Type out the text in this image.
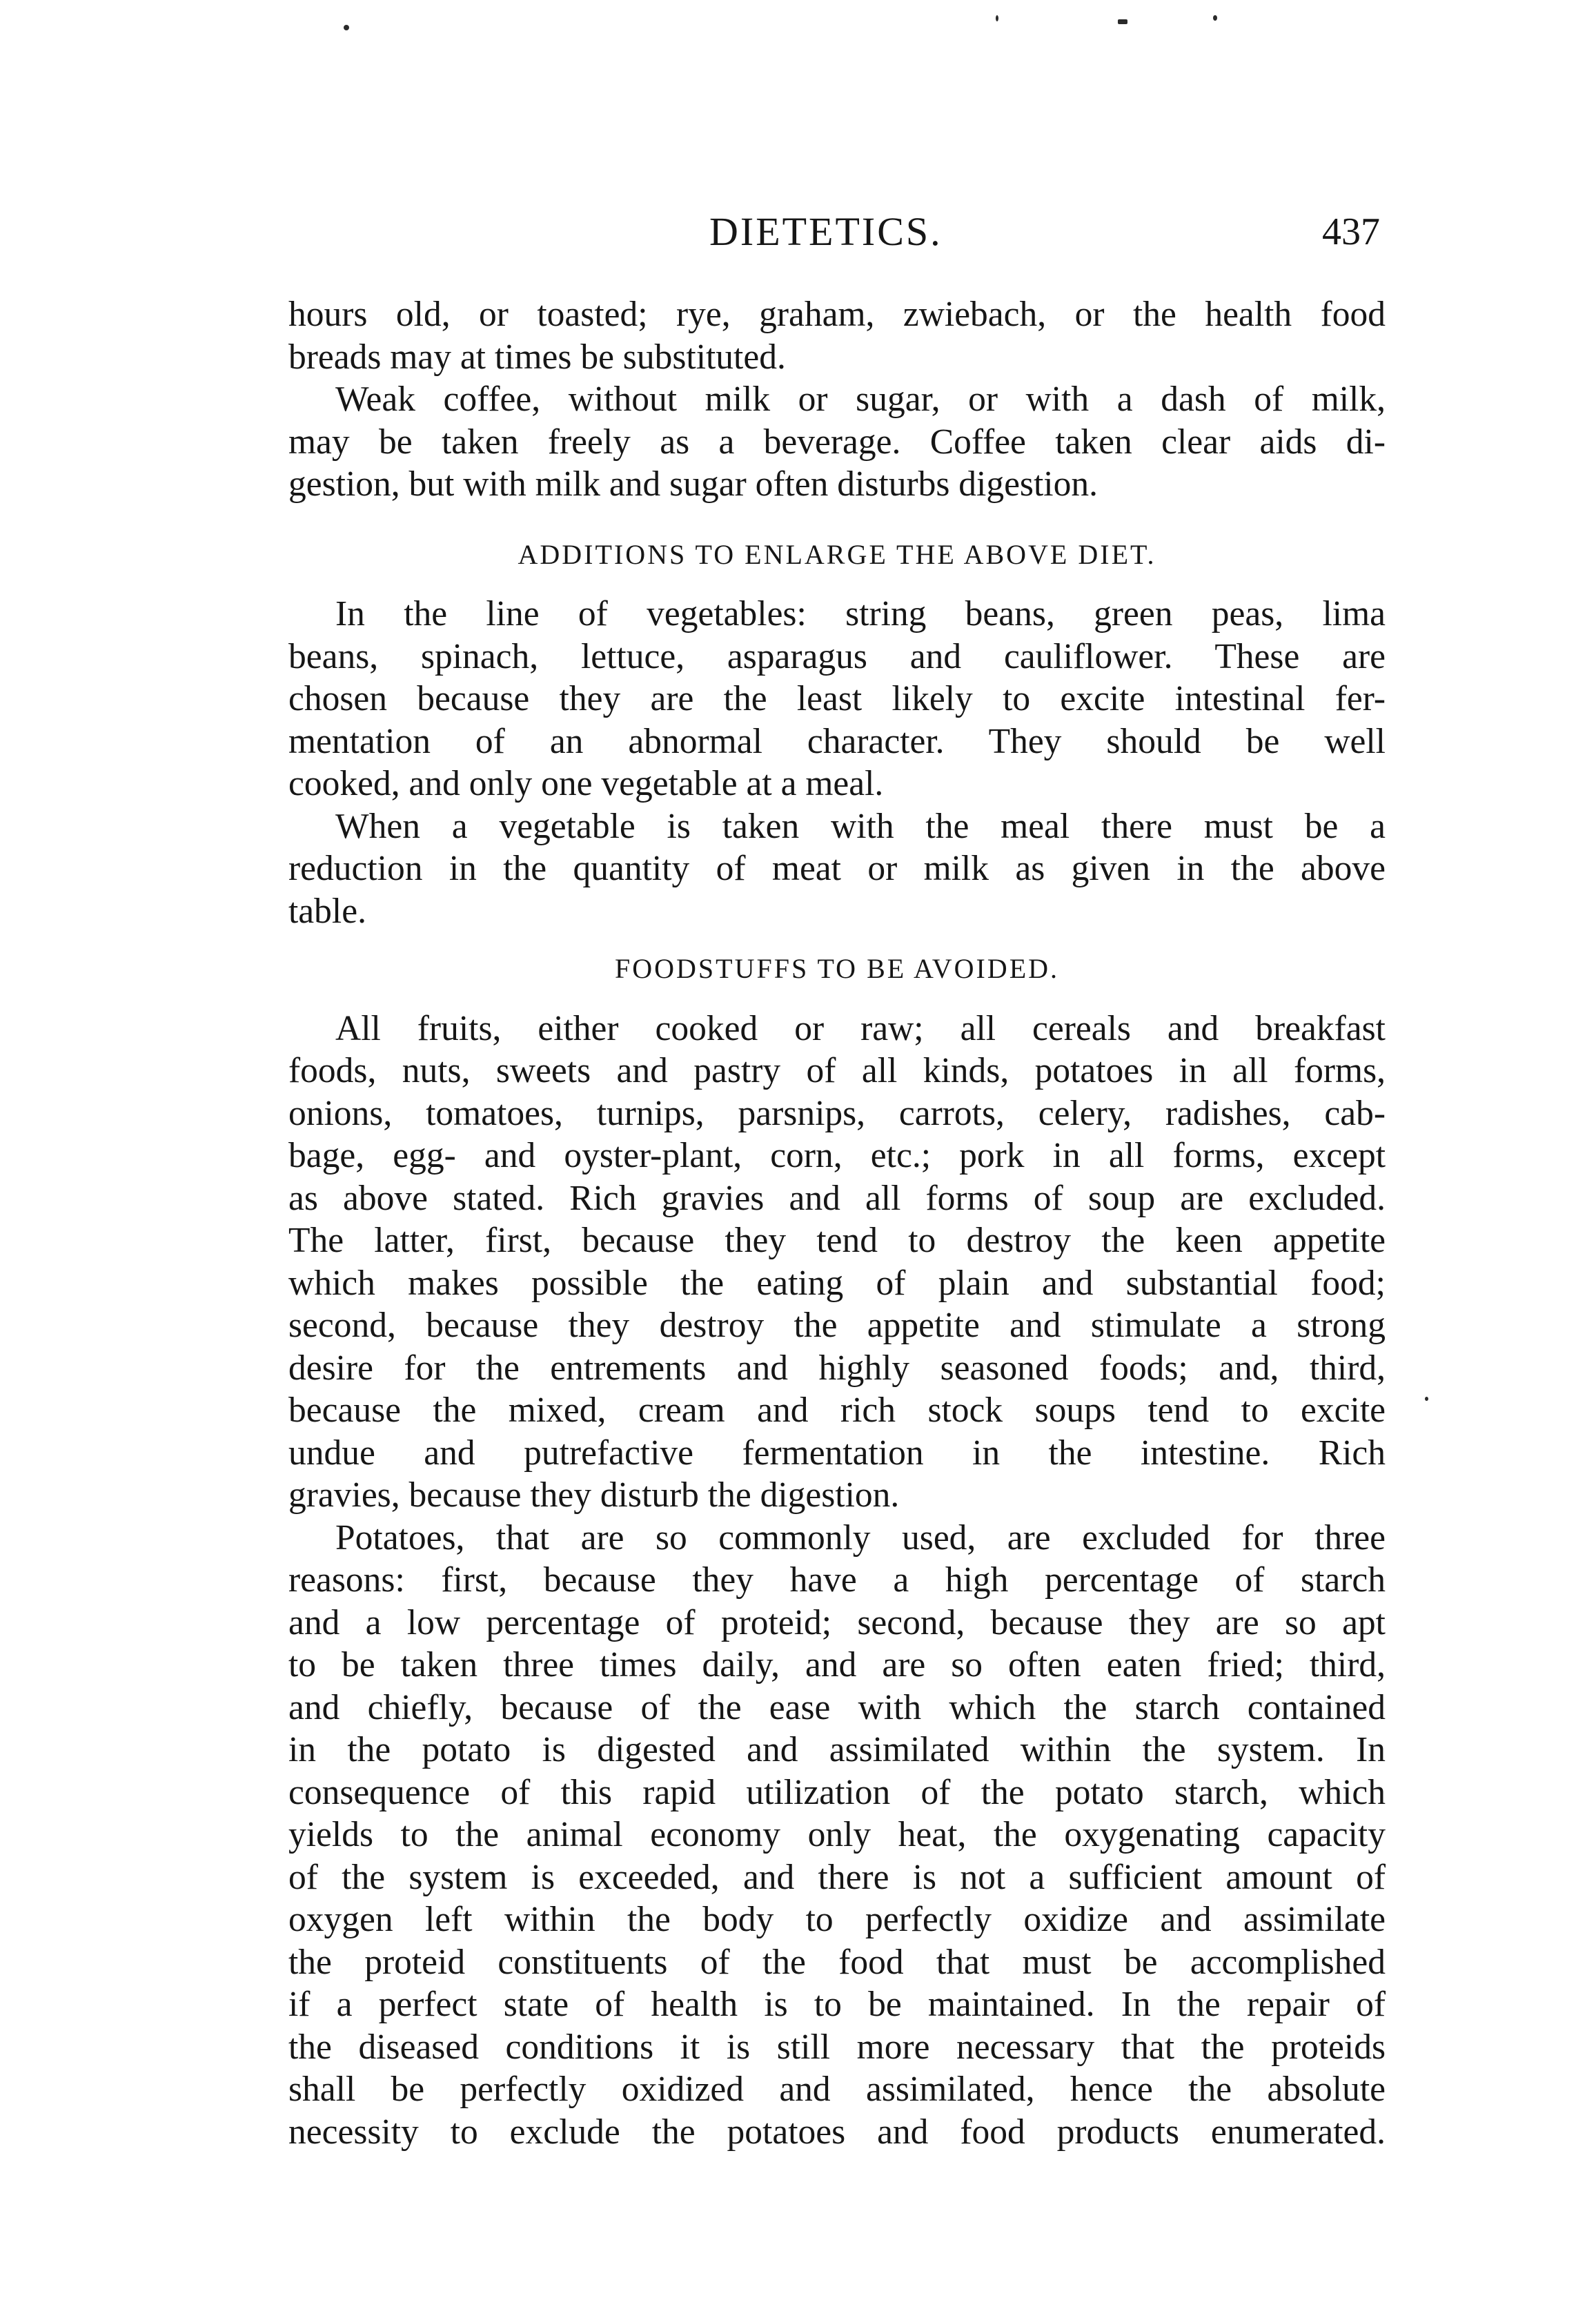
DIETETICS.	437
hours old, or toasted; rye, graham, zwiebach, or the health food
breads may at times be substituted.
Weak coffee, without milk or sugar, or with a dash of milk,
may be taken freely as a beverage. Coffee taken clear aids di-
gestion, but with milk and sugar often disturbs digestion.
ADDITIONS TO ENLARGE THE ABOVE DIET.
In the line of vegetables: string beans, green peas, lima
beans, spinach, lettuce, asparagus and cauliflower. These are
chosen because they are the least likely to excite intestinal fer-
mentation of an abnormal character. They should be well
cooked, and only one vegetable at a meal.
When a vegetable is taken with the meal there must be a
reduction in the quantity of meat or milk as given in the above
table.
FOODSTUFFS TO BE AVOIDED.
All fruits, either cooked or raw; all cereals and breakfast
foods, nuts, sweets and pastry of all kinds, potatoes in all forms,
onions, tomatoes, turnips, parsnips, carrots, celery, radishes, cab-
bage, egg- and oyster-plant, corn, etc.; pork in all forms, except
as above stated. Rich gravies and all forms of soup are excluded.
The latter, first, because they tend to destroy the keen appetite
which makes possible the eating of plain and substantial food;
second, because they destroy the appetite and stimulate a strong
desire for the entrements and highly seasoned foods; and, third,
because the mixed, cream and rich stock soups tend to excite
undue and putrefactive fermentation in the intestine. Rich
gravies, because they disturb the digestion.
Potatoes, that are so commonly used, are excluded for three
reasons: first, because they have a high percentage of starch
and a low percentage of proteid; second, because they are so apt
to be taken three times daily, and are so often eaten fried; third,
and chiefly, because of the ease with which the starch contained
in the potato is digested and assimilated within the system. In
consequence of this rapid utilization of the potato starch, which
yields to the animal economy only heat, the oxygenating capacity
of the system is exceeded, and there is not a sufficient amount of
oxygen left within the body to perfectly oxidize and assimilate
the proteid constituents of the food that must be accomplished
if a perfect state of health is to be maintained. In the repair of
the diseased conditions it is still more necessary that the proteids
shall be perfectly oxidized and assimilated, hence the absolute
necessity to exclude the potatoes and food products enumerated.
